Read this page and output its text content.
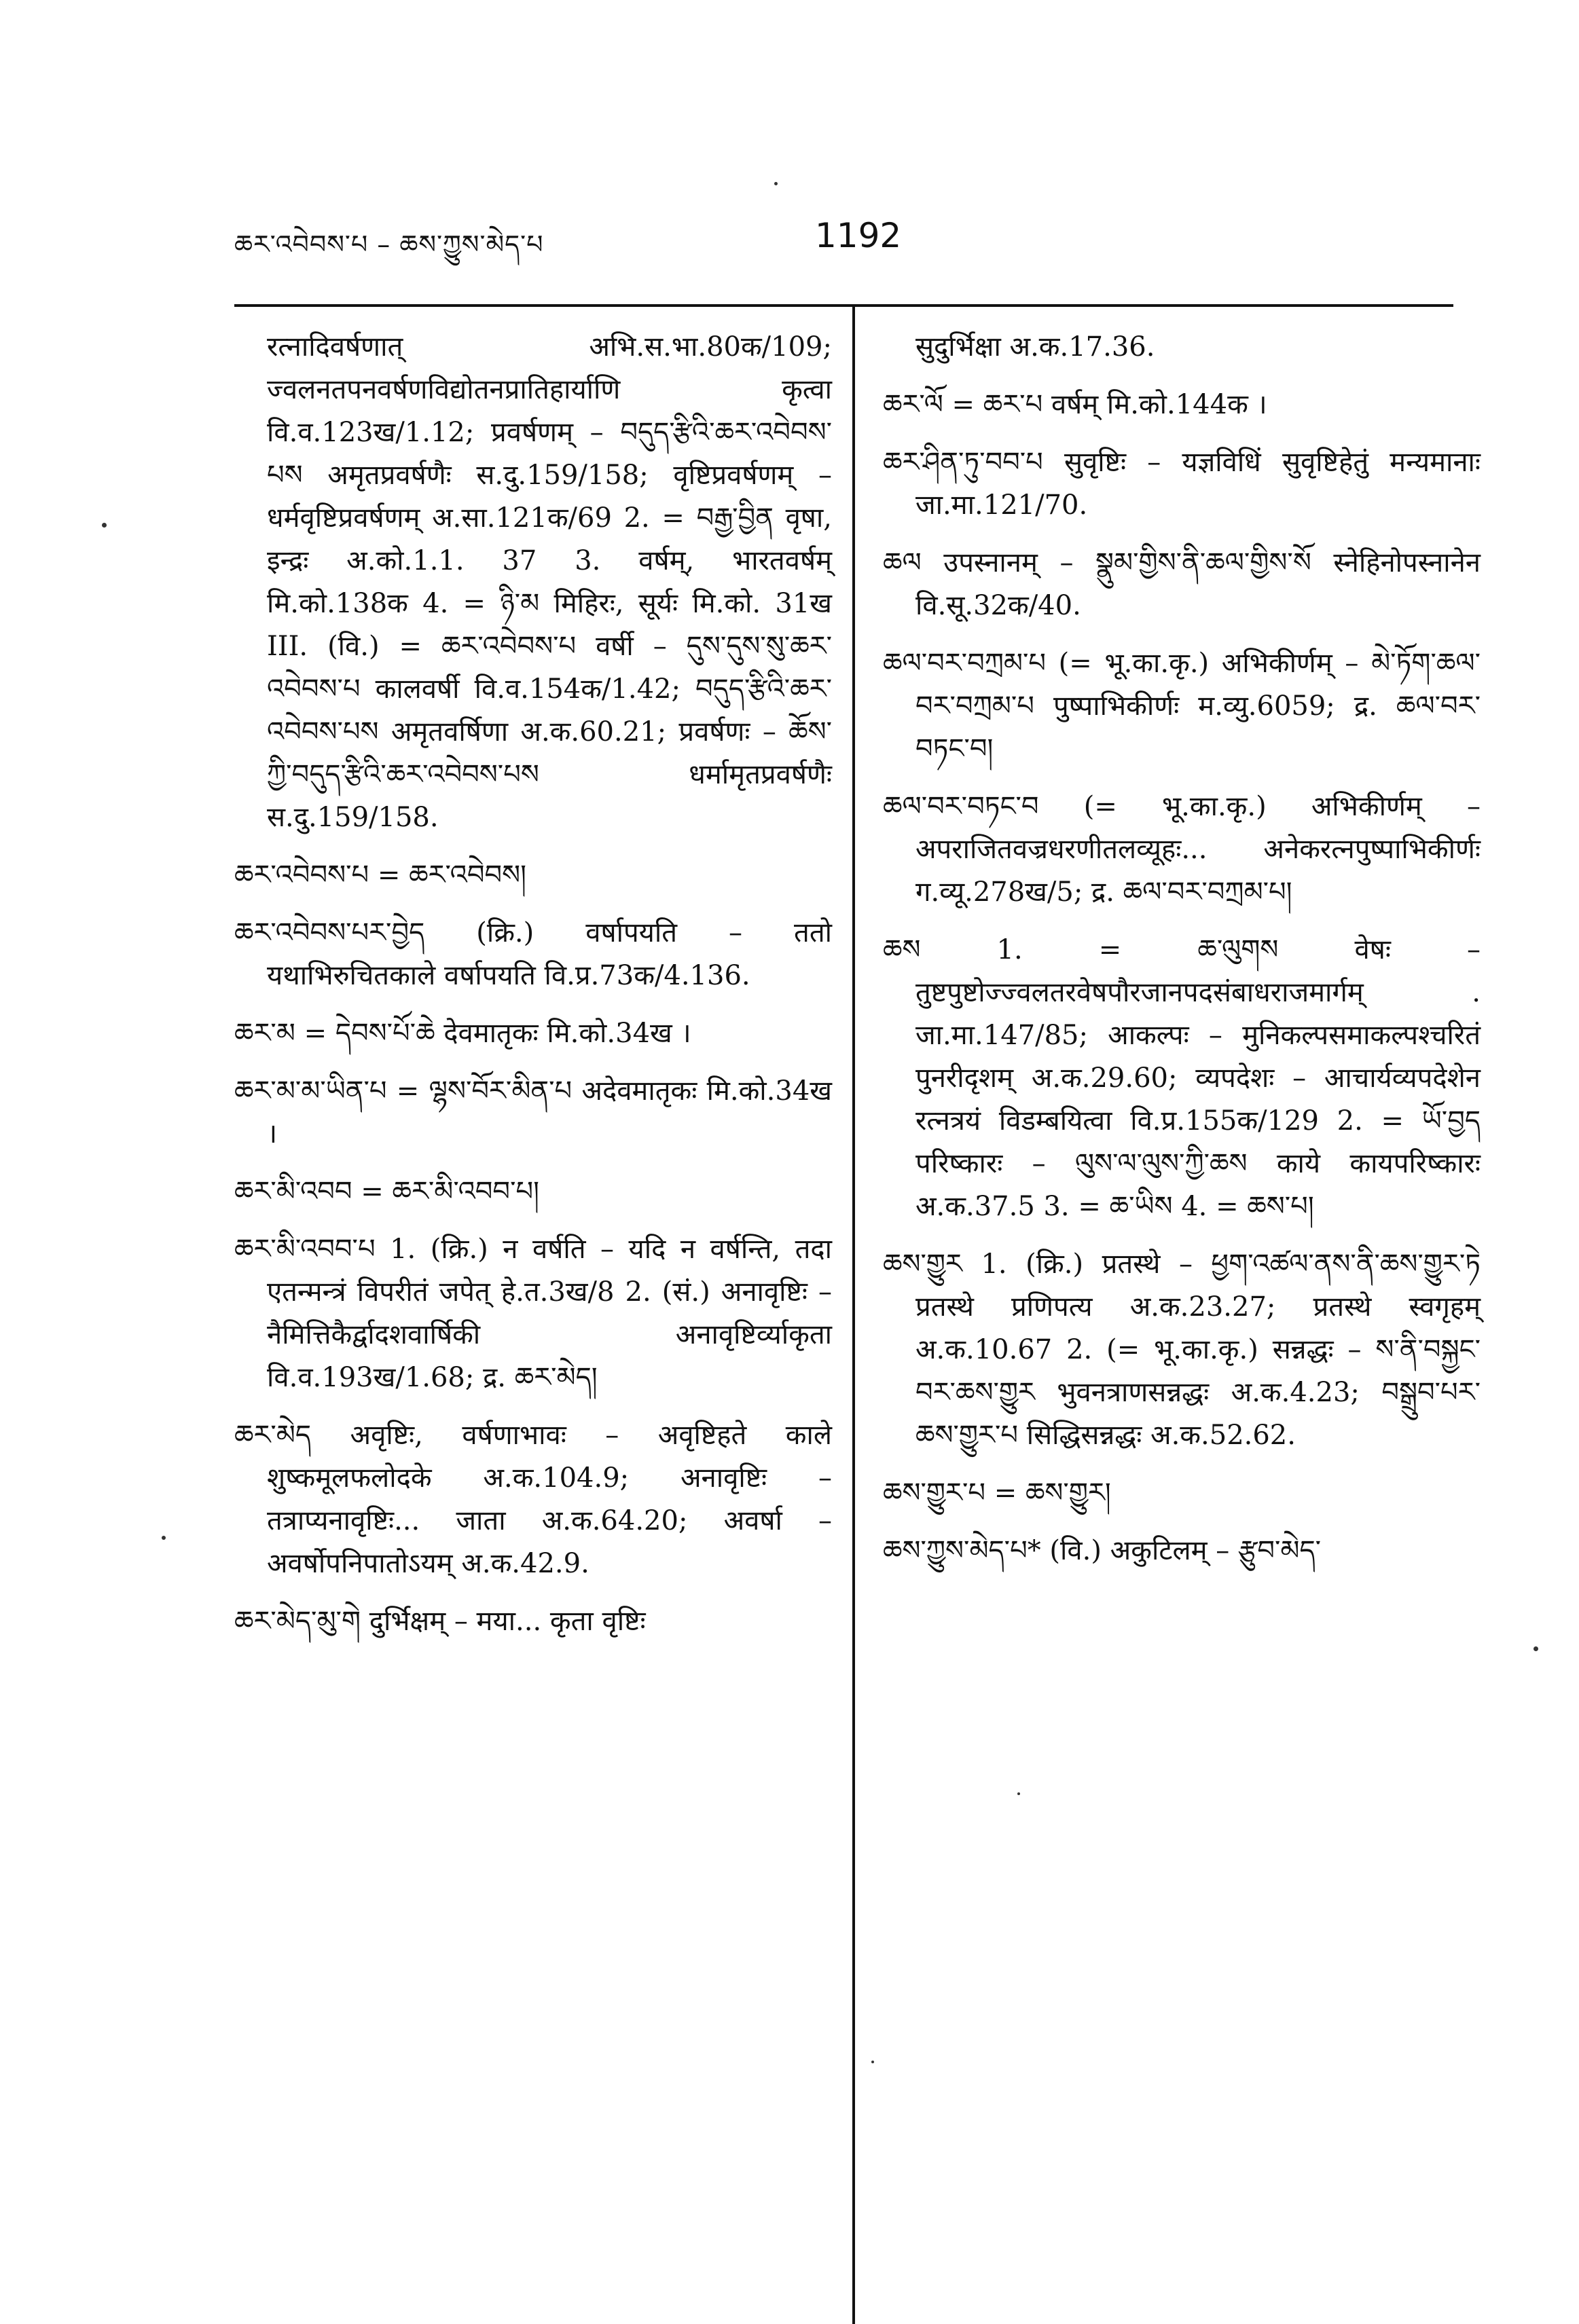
ཆར་འབེབས་པ – ཆས་ཀྱུས་མེད་པ	1192

रत्नादिवर्षणात् अभि.स.भा.80क/109; ज्वलनतपनवर्षणविद्योतनप्रातिहार्याणि कृत्वा वि.व.123ख/1.12; प्रवर्षणम् – བདུད་རྩིའི་ཆར་འབེབས་པས अमृतप्रवर्षणैः स.दु.159/158; वृष्टिप्रवर्षणम् – धर्मवृष्टिप्रवर्षणम् अ.सा.121क/69 2. = བརྒྱ་བྱིན वृषा, इन्द्रः अ.को.1.1. 37 3. वर्षम्, भारतवर्षम् मि.को.138क 4. = ཉི་མ मिहिरः, सूर्यः मि.को. 31ख III. (वि.) = ཆར་འབེབས་པ वर्षी – དུས་དུས་སུ་ཆར་འབེབས་པ कालवर्षी वि.व.154क/1.42; བདུད་རྩིའི་ཆར་འབེབས་པས अमृतवर्षिणा अ.क.60.21; प्रवर्षणः – ཆོས་ཀྱི་བདུད་རྩིའི་ཆར་འབེབས་པས धर्मामृतप्रवर्षणैः स.दु.159/158.

ཆར་འབེབས་པ = ཆར་འབེབས།

ཆར་འབེབས་པར་བྱེད (क्रि.) वर्षापयति – ततो यथाभिरुचितकाले वर्षापयति वि.प्र.73क/4.136.

ཆར་མ = དེབས་པོ་ཆེ देवमातृकः मि.को.34ख ।

ཆར་མ་མ་ཡིན་པ = ལྷས་བོར་མིན་པ अदेवमातृकः मि.को.34ख ।

ཆར་མི་འབབ = ཆར་མི་འབབ་པ།

ཆར་མི་འབབ་པ 1. (क्रि.) न वर्षति – यदि न वर्षन्ति, तदा एतन्मन्त्रं विपरीतं जपेत् हे.त.3ख/8 2. (सं.) अनावृष्टिः – नैमित्तिकैर्द्वादशवार्षिकी अनावृष्टिर्व्याकृता वि.व.193ख/1.68; द्र. ཆར་མེད།

ཆར་མེད अवृष्टिः, वर्षणाभावः – अवृष्टिहते काले शुष्कमूलफलोदके अ.क.104.9; अनावृष्टिः – तत्राप्यनावृष्टिः... जाता अ.क.64.20; अवर्षा – अवर्षोपनिपातोऽयम् अ.क.42.9.

ཆར་མེད་མུ་གེ दुर्भिक्षम् – मया... कृता वृष्टिः

सुदुर्भिक्षा अ.क.17.36.

ཆར་ལོ = ཆར་པ वर्षम् मि.को.144क ।

ཆར་ཤིན་ཏུ་བབ་པ सुवृष्टिः – यज्ञविधिं सुवृष्टिहेतुं मन्यमानाः जा.मा.121/70.

ཆལ उपस्नानम् – སྣུམ་གྱིས་ནི་ཆལ་གྱིས་སོ स्नेहिनोपस्नानेन वि.सू.32क/40.

ཆལ་བར་བཀྲམ་པ (= भू.का.कृ.) अभिकीर्णम् – མེ་ཏོག་ཆལ་བར་བཀྲམ་པ पुष्पाभिकीर्णः म.व्यु.6059; द्र. ཆལ་བར་བཏང་བ།

ཆལ་བར་བཏང་བ (= भू.का.कृ.) अभिकीर्णम् – अपराजितवज्रधरणीतलव्यूहः... अनेकरत्नपुष्पाभिकीर्णः ग.व्यू.278ख/5; द्र. ཆལ་བར་བཀྲམ་པ།

ཆས 1. = ཆ་ལུགས वेषः – तुष्टपुष्टोज्ज्वलतरवेषपौरजानपदसंबाधराजमार्गम् . जा.मा.147/85; आकल्पः – मुनिकल्पसमाकल्पश्चरितं पुनरीदृशम् अ.क.29.60; व्यपदेशः – आचार्यव्यपदेशेन रत्नत्रयं विडम्बयित्वा वि.प्र.155क/129 2. = ཡོ་བྱད परिष्कारः – ལུས་ལ་ལུས་ཀྱི་ཆས काये कायपरिष्कारः अ.क.37.5 3. = ཆ་ཡིས 4. = ཆས་པ།

ཆས་གྱུར 1. (क्रि.) प्रतस्थे – ཕྱག་འཚལ་ནས་ནི་ཆས་གྱུར་ཏེ प्रतस्थे प्रणिपत्य अ.क.23.27; प्रतस्थे स्वगृहम् अ.क.10.67 2. (= भू.का.कृ.) सन्नद्धः – ས་ནི་བསྐྱང་བར་ཆས་གྱུར भुवनत्राणसन्नद्धः अ.क.4.23; བསྒྲུབ་པར་ཆས་གྱུར་པ सिद्धिसन्नद्धः अ.क.52.62.

ཆས་གྱུར་པ = ཆས་གྱུར།

ཆས་ཀྱུས་མེད་པ* (वि.) अकुटिलम् – རྩུབ་མེད་
